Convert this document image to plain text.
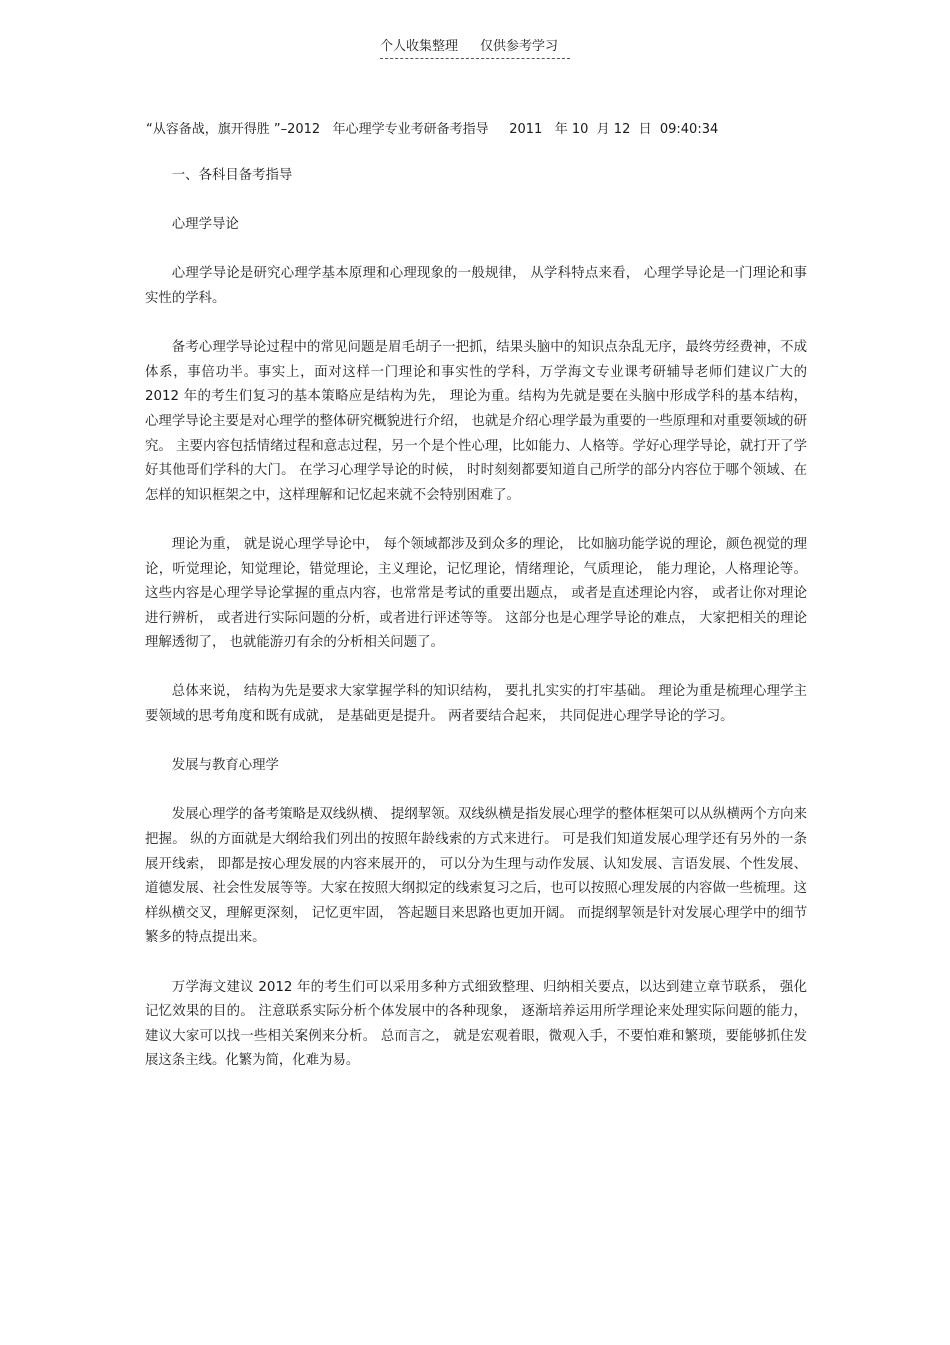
个人收集整理 仅供参考学习
“从容备战，旗开得胜 ”–2012   年心理学专业考研备考指导     2011   年 10  月 12  日  09:40:34

一、各科目备考指导

心理学导论

心理学导论是研究心理学基本原理和心理现象的一般规律， 从学科特点来看， 心理学导论是一门理论和事实性的学科。

备考心理学导论过程中的常见问题是眉毛胡子一把抓，结果头脑中的知识点杂乱无序，最终劳经费神，不成体系，事倍功半。事实上，面对这样一门理论和事实性的学科，万学海文专业课考研辅导老师们建议广大的 2012 年的考生们复习的基本策略应是结构为先， 理论为重。结构为先就是要在头脑中形成学科的基本结构， 心理学导论主要是对心理学的整体研究概貌进行介绍， 也就是介绍心理学最为重要的一些原理和对重要领域的研究。 主要内容包括情绪过程和意志过程，另一个是个性心理，比如能力、人格等。学好心理学导论，就打开了学好其他哥们学科的大门。 在学习心理学导论的时候， 时时刻刻都要知道自己所学的部分内容位于哪个领域、在怎样的知识框架之中，这样理解和记忆起来就不会特别困难了。

理论为重， 就是说心理学导论中， 每个领域都涉及到众多的理论， 比如脑功能学说的理论，颜色视觉的理论，听觉理论，知觉理论，错觉理论，主义理论，记忆理论，情绪理论，气质理论， 能力理论，人格理论等。 这些内容是心理学导论掌握的重点内容，也常常是考试的重要出题点， 或者是直述理论内容， 或者让你对理论进行辨析， 或者进行实际问题的分析，或者进行评述等等。 这部分也是心理学导论的难点， 大家把相关的理论理解透彻了， 也就能游刃有余的分析相关问题了。

总体来说， 结构为先是要求大家掌握学科的知识结构， 要扎扎实实的打牢基础。 理论为重是梳理心理学主要领域的思考角度和既有成就， 是基础更是提升。 两者要结合起来， 共同促进心理学导论的学习。

发展与教育心理学

发展心理学的备考策略是双线纵横、 提纲挈领。双线纵横是指发展心理学的整体框架可以从纵横两个方向来把握。 纵的方面就是大纲给我们列出的按照年龄线索的方式来进行。 可是我们知道发展心理学还有另外的一条展开线索， 即都是按心理发展的内容来展开的， 可以分为生理与动作发展、认知发展、言语发展、个性发展、道德发展、社会性发展等等。大家在按照大纲拟定的线索复习之后，也可以按照心理发展的内容做一些梳理。这样纵横交叉，理解更深刻， 记忆更牢固， 答起题目来思路也更加开阔。 而提纲挈领是针对发展心理学中的细节繁多的特点提出来。

万学海文建议 2012 年的考生们可以采用多种方式细致整理、归纳相关要点，以达到建立章节联系， 强化记忆效果的目的。 注意联系实际分析个体发展中的各种现象， 逐渐培养运用所学理论来处理实际问题的能力， 建议大家可以找一些相关案例来分析。 总而言之， 就是宏观着眼，微观入手，不要怕难和繁琐，要能够抓住发展这条主线。化繁为简，化难为易。
